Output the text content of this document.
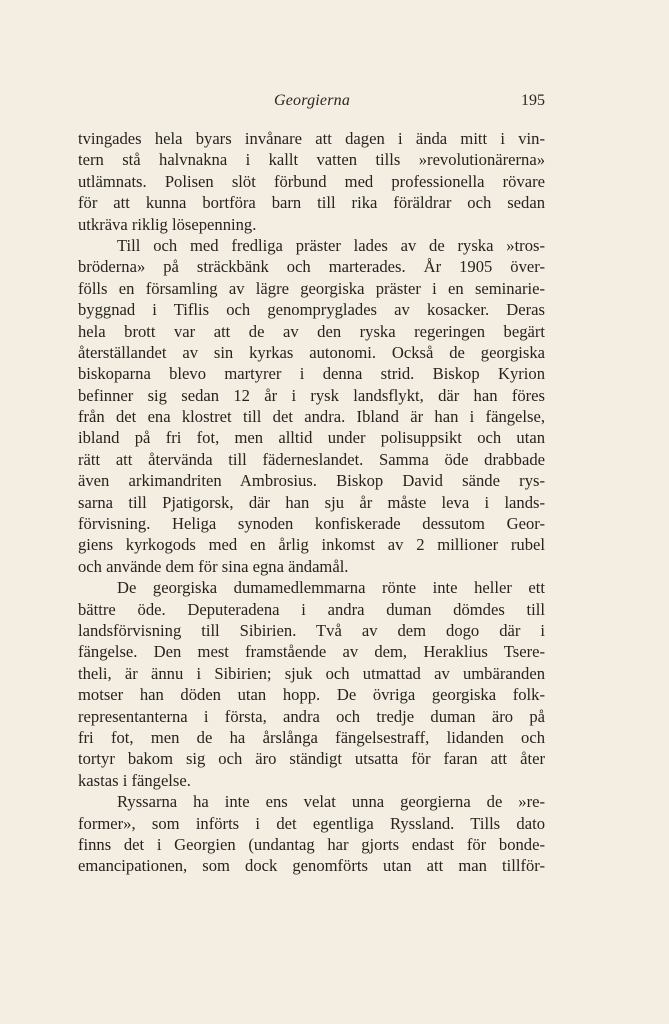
Georgierna	195
tvingades hela byars invånare att dagen i ända mitt i vin-
tern stå halvnakna i kallt vatten tills »revolutionärerna»
utlämnats. Polisen slöt förbund med professionella rövare
för att kunna bortföra barn till rika föräldrar och sedan
utkräva riklig lösepenning.
Till och med fredliga präster lades av de ryska »tros-
bröderna» på sträckbänk och marterades. År 1905 över-
fölls en församling av lägre georgiska präster i en seminarie-
byggnad i Tiflis och genompryglades av kosacker. Deras
hela brott var att de av den ryska regeringen begärt
återställandet av sin kyrkas autonomi. Också de georgiska
biskoparna blevo martyrer i denna strid. Biskop Kyrion
befinner sig sedan 12 år i rysk landsflykt, där han föres
från det ena klostret till det andra. Ibland är han i fängelse,
ibland på fri fot, men alltid under polisuppsikt och utan
rätt att återvända till fäderneslandet. Samma öde drabbade
även arkimandriten Ambrosius. Biskop David sände rys-
sarna till Pjatigorsk, där han sju år måste leva i lands-
förvisning. Heliga synoden konfiskerade dessutom Geor-
giens kyrkogods med en årlig inkomst av 2 millioner rubel
och använde dem för sina egna ändamål.
De georgiska dumamedlemmarna rönte inte heller ett
bättre öde. Deputeradena i andra duman dömdes till
landsförvisning till Sibirien. Två av dem dogo där i
fängelse. Den mest framstående av dem, Heraklius Tsere-
theli, är ännu i Sibirien; sjuk och utmattad av umbäranden
motser han döden utan hopp. De övriga georgiska folk-
representanterna i första, andra och tredje duman äro på
fri fot, men de ha årslånga fängelsestraff, lidanden och
tortyr bakom sig och äro ständigt utsatta för faran att åter
kastas i fängelse.
Ryssarna ha inte ens velat unna georgierna de »re-
former», som införts i det egentliga Ryssland. Tills dato
finns det i Georgien (undantag har gjorts endast för bonde-
emancipationen, som dock genomförts utan att man tillför-
